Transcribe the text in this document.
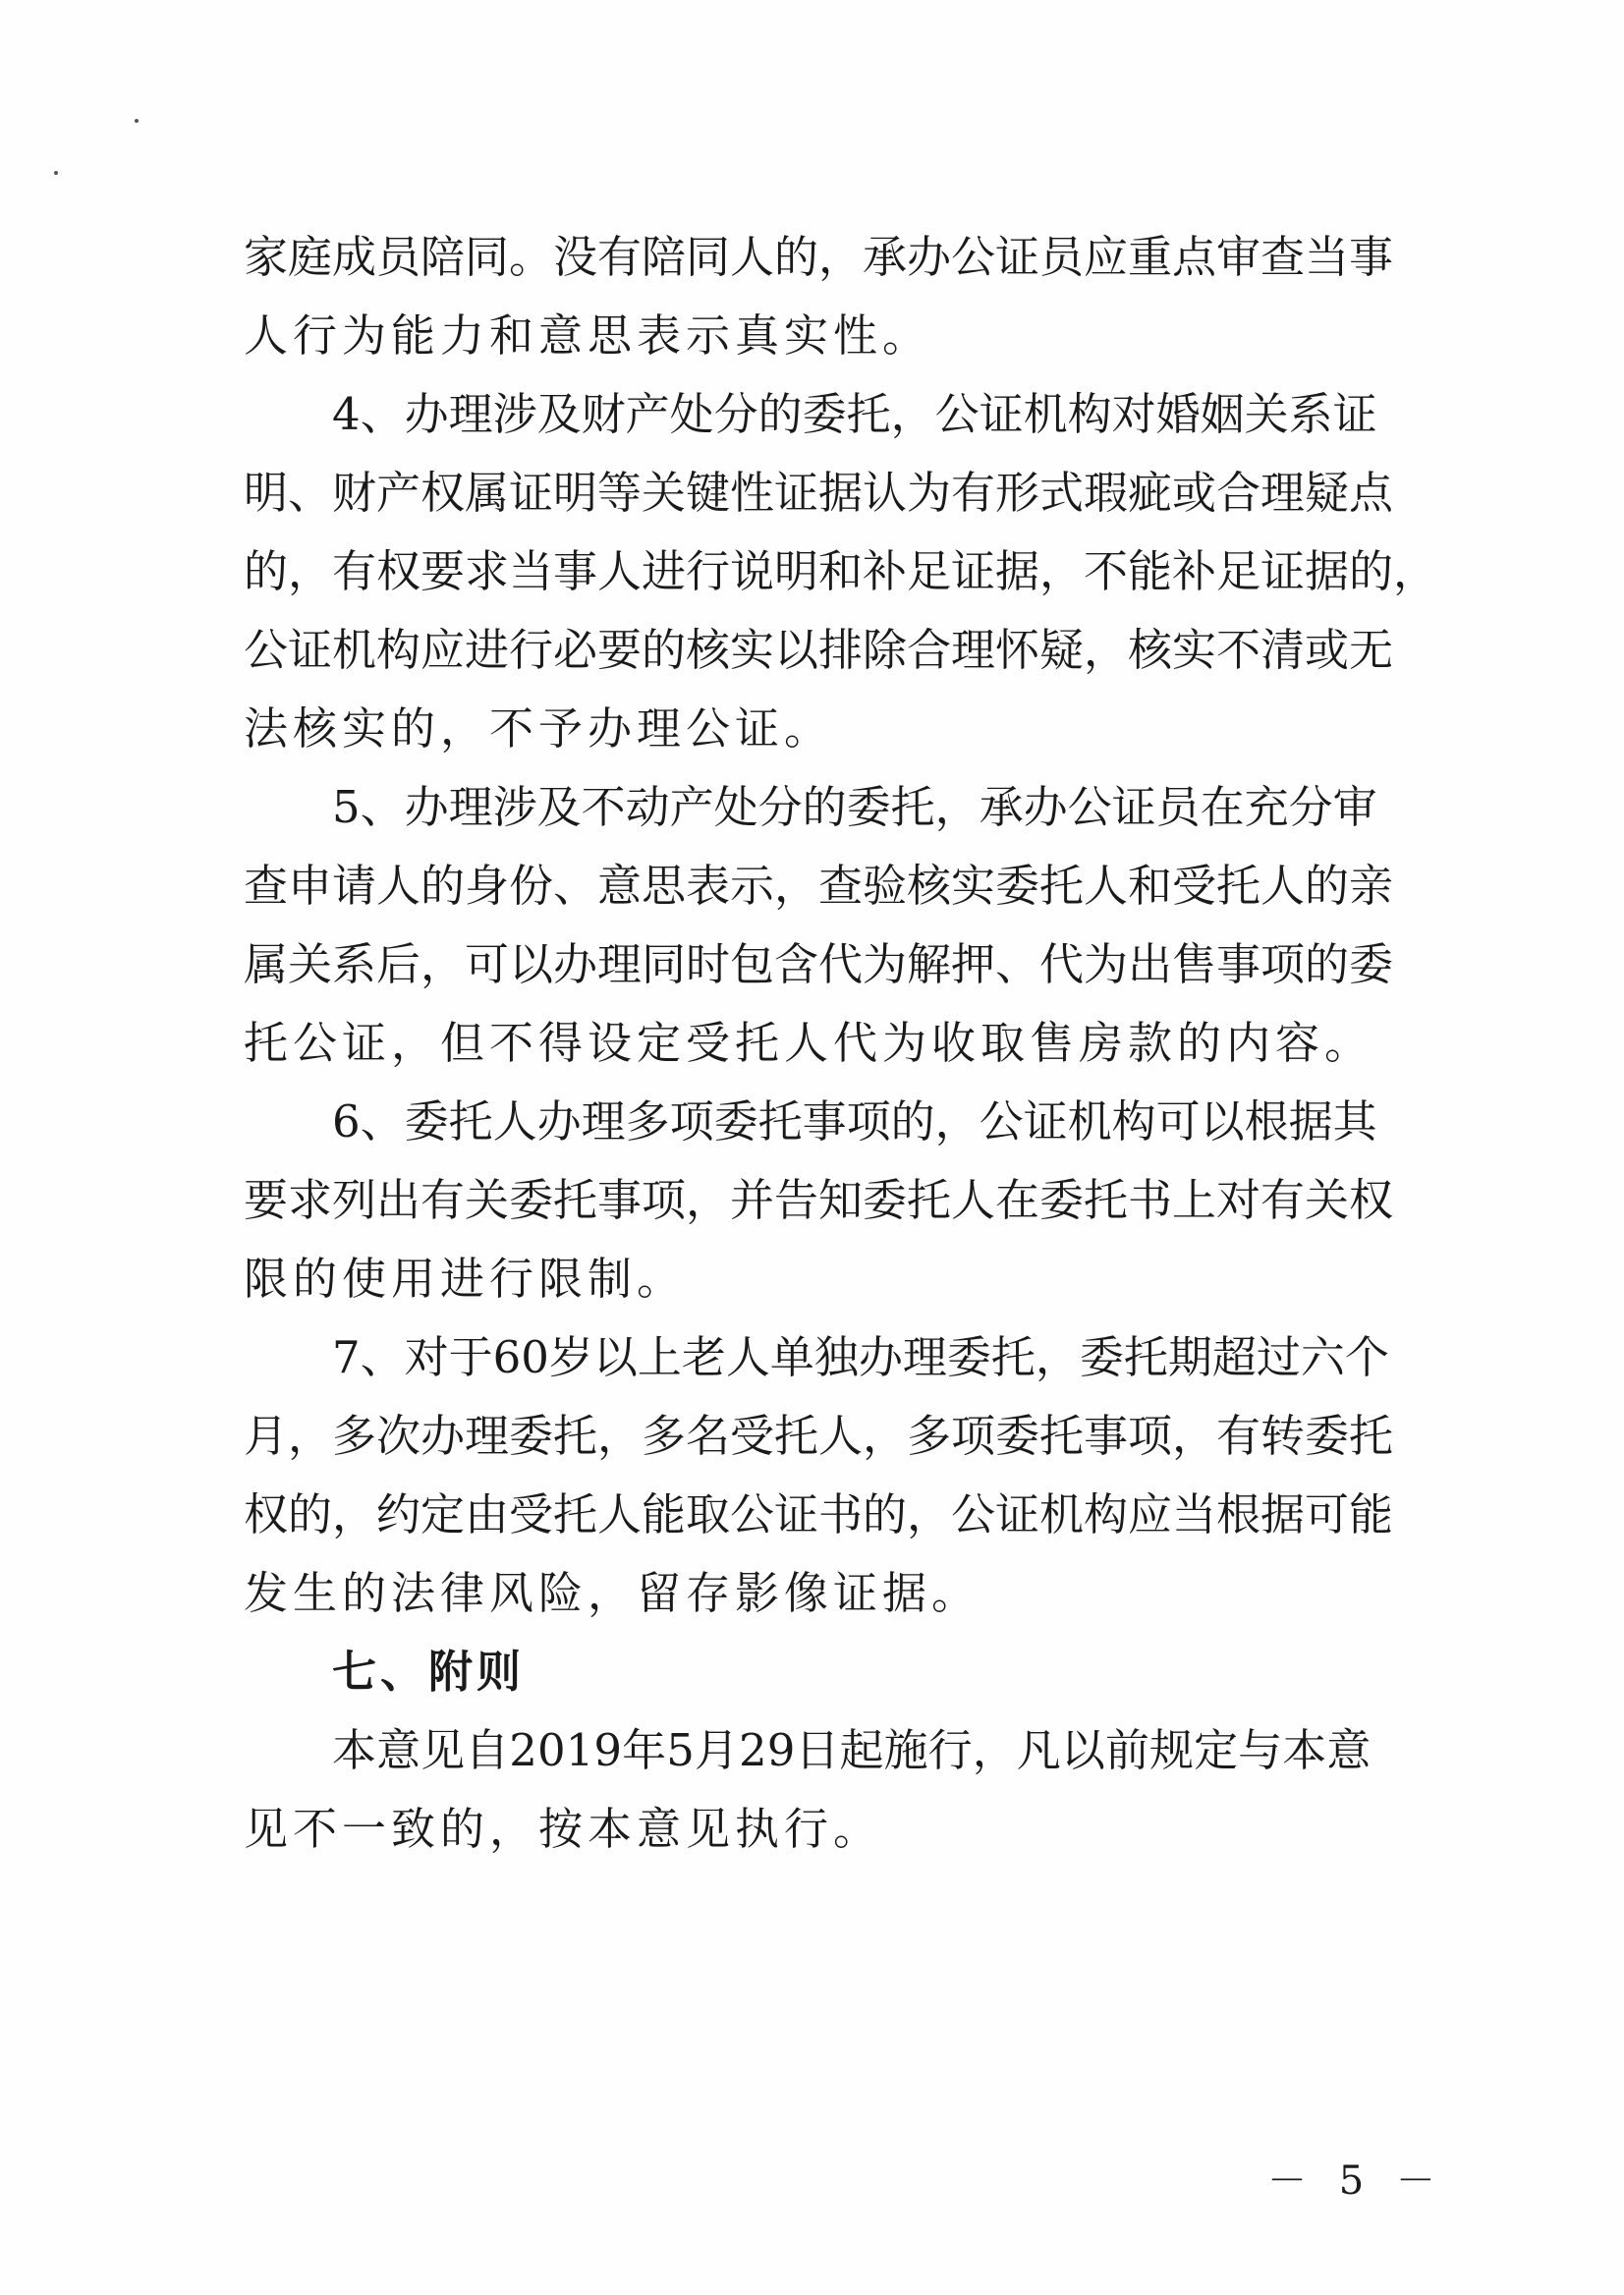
家庭成员陪同。没有陪同人的，承办公证员应重点审查当事
人行为能力和意思表示真实性。
4、办理涉及财产处分的委托，公证机构对婚姻关系证
明、财产权属证明等关键性证据认为有形式瑕疵或合理疑点
的，有权要求当事人进行说明和补足证据，不能补足证据的，
公证机构应进行必要的核实以排除合理怀疑，核实不清或无
法核实的，不予办理公证。
5、办理涉及不动产处分的委托，承办公证员在充分审
查申请人的身份、意思表示，查验核实委托人和受托人的亲
属关系后，可以办理同时包含代为解押、代为出售事项的委
托公证，但不得设定受托人代为收取售房款的内容。
6、委托人办理多项委托事项的，公证机构可以根据其
要求列出有关委托事项，并告知委托人在委托书上对有关权
限的使用进行限制。
7、对于60岁以上老人单独办理委托，委托期超过六个
月，多次办理委托，多名受托人，多项委托事项，有转委托
权的，约定由受托人能取公证书的，公证机构应当根据可能
发生的法律风险，留存影像证据。
七、附则
本意见自2019年5月29日起施行，凡以前规定与本意
见不一致的，按本意见执行。
－ 5 －
